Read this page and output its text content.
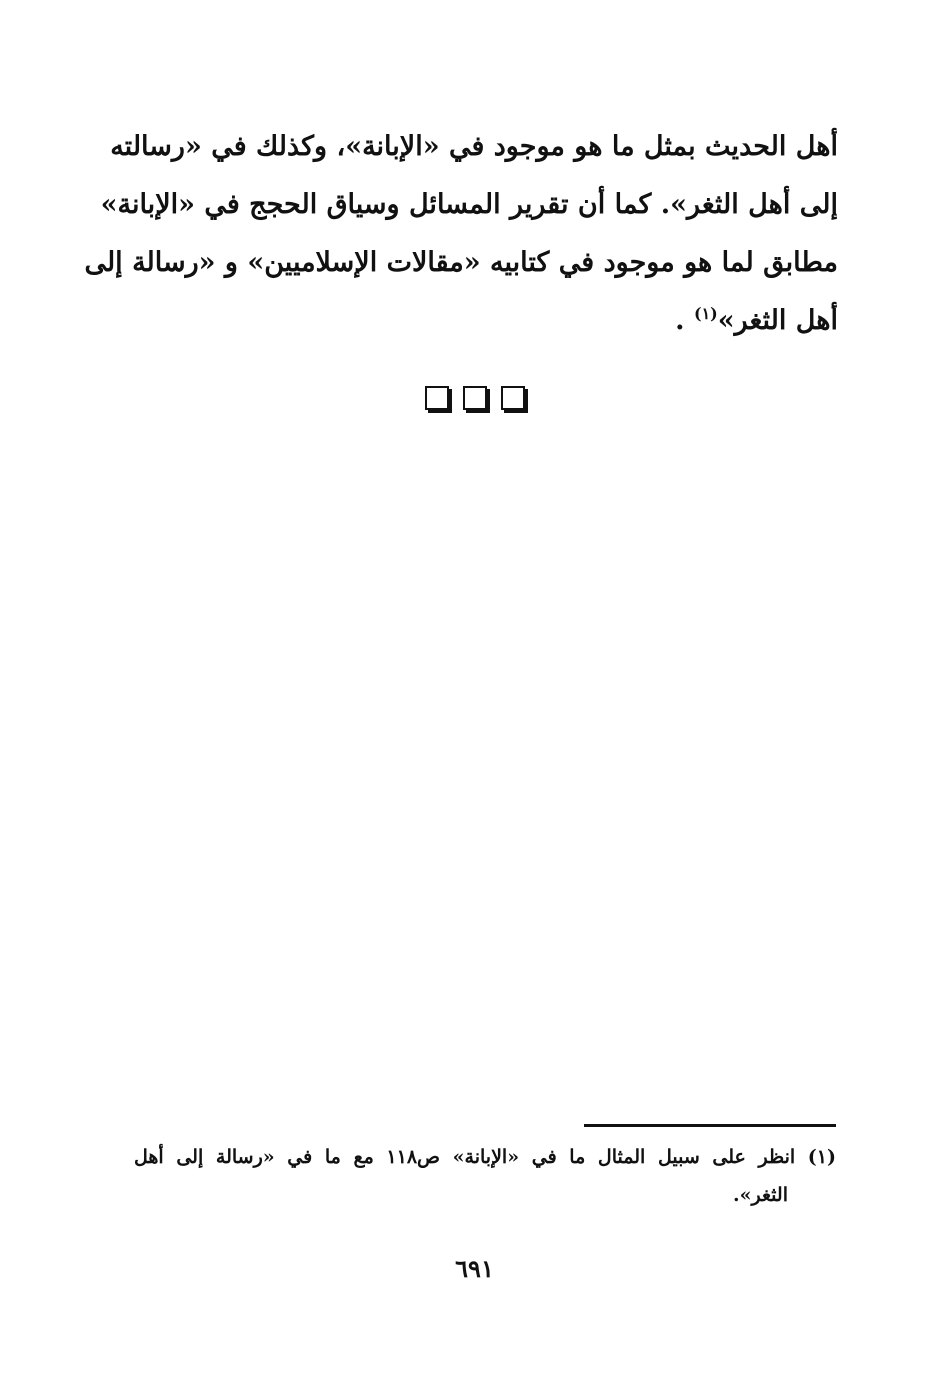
أهل الحديث بمثل ما هو موجود في «الإبانة»، وكذلك في «رسالته
إلى أهل الثغر». كما أن تقرير المسائل وسياق الحجج في «الإبانة»
مطابق لما هو موجود في كتابيه «مقالات الإسلاميين» و «رسالة إلى
أهل الثغر»$^{(١)}$ .
(١) انظر على سبيل المثال ما في «الإبانة» ص١١٨ مع ما في «رسالة إلى أهل
الثغر».
٦٩١
